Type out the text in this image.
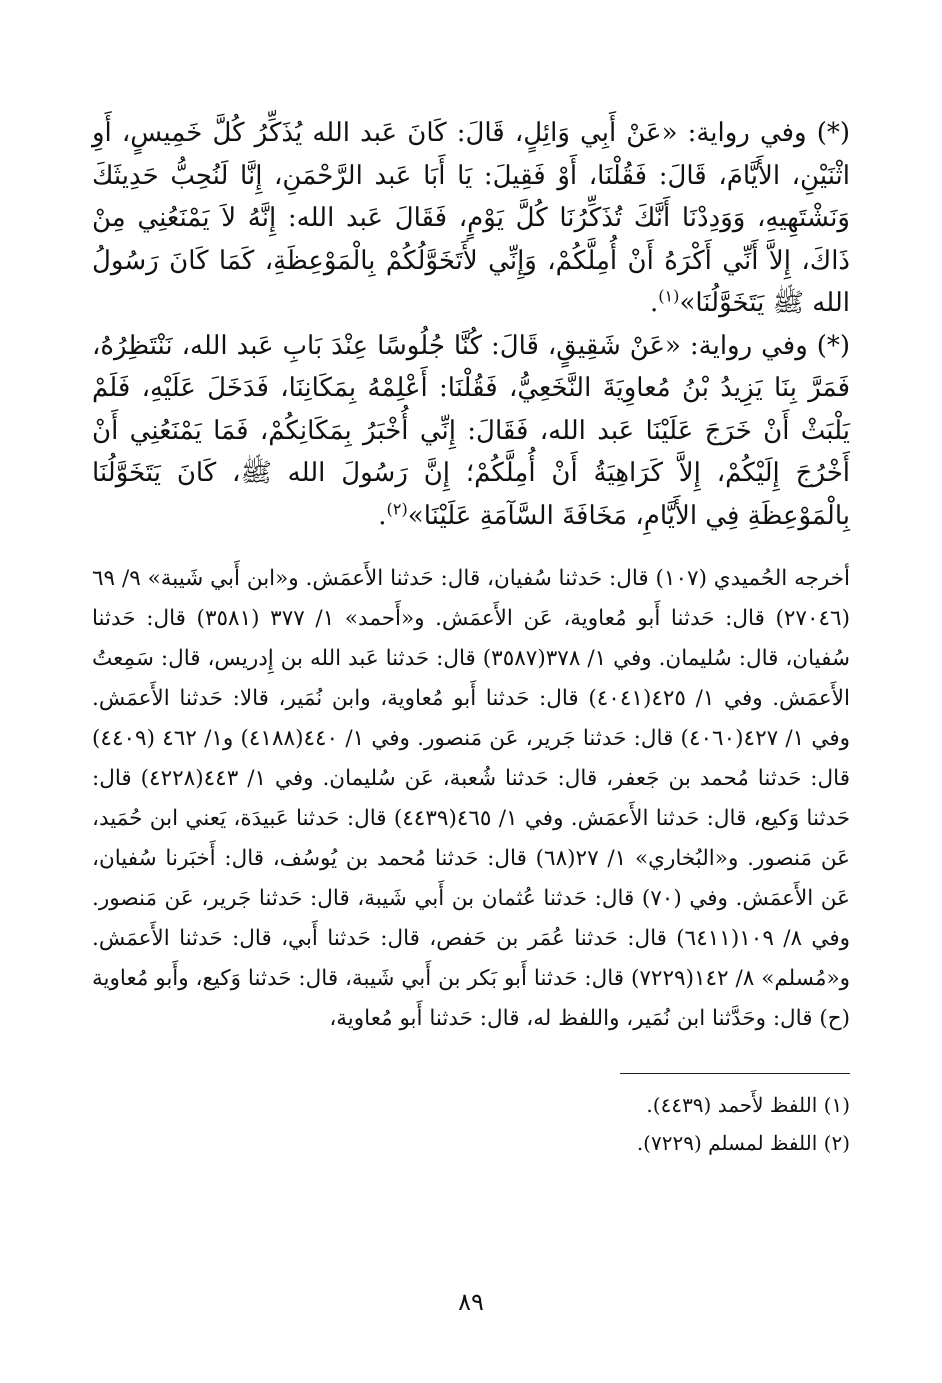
(*) وفي رواية: «عَنْ أَبِي وَائِلٍ، قَالَ: كَانَ عَبد الله يُذَكِّرُ كُلَّ خَمِيسٍ، أَوِ اثْنَيْنِ، الأَيَّامَ، قَالَ: فَقُلْنَا، أَوْ فَقِيلَ: يَا أَبَا عَبد الرَّحْمَنِ، إِنَّا لَنُحِبُّ حَدِيثَكَ وَنَشْتَهِيهِ، وَوَدِدْنَا أَنَّكَ تُذَكِّرُنَا كُلَّ يَوْمٍ، فَقَالَ عَبد الله: إِنَّهُ لاَ يَمْنَعُنِي مِنْ ذَاكَ، إِلاَّ أَنِّي أَكْرَهُ أَنْ أُمِلَّكُمْ، وَإِنِّي لأَتَخَوَّلُكُمْ بِالْمَوْعِظَةِ، كَمَا كَانَ رَسُولُ الله ﷺ يَتَخَوَّلُنَا»$^{(١)}$.

(*) وفي رواية: «عَنْ شَقِيقٍ، قَالَ: كُنَّا جُلُوسًا عِنْدَ بَابِ عَبد الله، نَنْتَظِرُهُ، فَمَرَّ بِنَا يَزِيدُ بْنُ مُعاوِيَةَ النَّخَعِيُّ، فَقُلْنَا: أَعْلِمْهُ بِمَكَانِنَا، فَدَخَلَ عَلَيْهِ، فَلَمْ يَلْبَثْ أَنْ خَرَجَ عَلَيْنَا عَبد الله، فَقَالَ: إِنِّي أُخْبَرُ بِمَكَانِكُمْ، فَمَا يَمْنَعُنِي أَنْ أَخْرُجَ إِلَيْكُمْ، إِلاَّ كَرَاهِيَةُ أَنْ أُمِلَّكُمْ؛ إِنَّ رَسُولَ الله ﷺ، كَانَ يَتَخَوَّلُنَا بِالْمَوْعِظَةِ فِي الأَيَّامِ، مَخَافَةَ السَّآمَةِ عَلَيْنَا»$^{(٢)}$.

أخرجه الحُميدي (١٠٧) قال: حَدثنا سُفيان، قال: حَدثنا الأَعمَش. و«ابن أَبي شَيبة» ٩/ ٦٩ (٢٧٠٤٦) قال: حَدثنا أَبو مُعاوية، عَن الأَعمَش. و«أَحمد» ١/ ٣٧٧ (٣٥٨١) قال: حَدثنا سُفيان، قال: سُليمان. وفي ١/ ٣٧٨(٣٥٨٧) قال: حَدثنا عَبد الله بن إِدريس، قال: سَمِعتُ الأَعمَش. وفي ١/ ٤٢٥(٤٠٤١) قال: حَدثنا أَبو مُعاوية، وابن نُمَير، قالا: حَدثنا الأَعمَش. وفي ١/ ٤٢٧(٤٠٦٠) قال: حَدثنا جَرير، عَن مَنصور. وفي ١/ ٤٤٠(٤١٨٨) و١/ ٤٦٢ (٤٤٠٩) قال: حَدثنا مُحمد بن جَعفر، قال: حَدثنا شُعبة، عَن سُليمان. وفي ١/ ٤٤٣(٤٢٢٨) قال: حَدثنا وَكيع، قال: حَدثنا الأَعمَش. وفي ١/ ٤٦٥(٤٤٣٩) قال: حَدثنا عَبيدَة، يَعني ابن حُمَيد، عَن مَنصور. و«البُخاري» ١/ ٢٧(٦٨) قال: حَدثنا مُحمد بن يُوسُف، قال: أَخبَرنا سُفيان، عَن الأَعمَش. وفي (٧٠) قال: حَدثنا عُثمان بن أَبي شَيبة، قال: حَدثنا جَرير، عَن مَنصور. وفي ٨/ ١٠٩(٦٤١١) قال: حَدثنا عُمَر بن حَفص، قال: حَدثنا أَبي، قال: حَدثنا الأَعمَش. و«مُسلم» ٨/ ١٤٢(٧٢٢٩) قال: حَدثنا أَبو بَكر بن أَبي شَيبة، قال: حَدثنا وَكيع، وأَبو مُعاوية (ح) قال: وحَدَّثنا ابن نُمَير، واللفظ له، قال: حَدثنا أَبو مُعاوية،

(١) اللفظ لأَحمد (٤٤٣٩).

(٢) اللفظ لمسلم (٧٢٢٩).

٨٩
